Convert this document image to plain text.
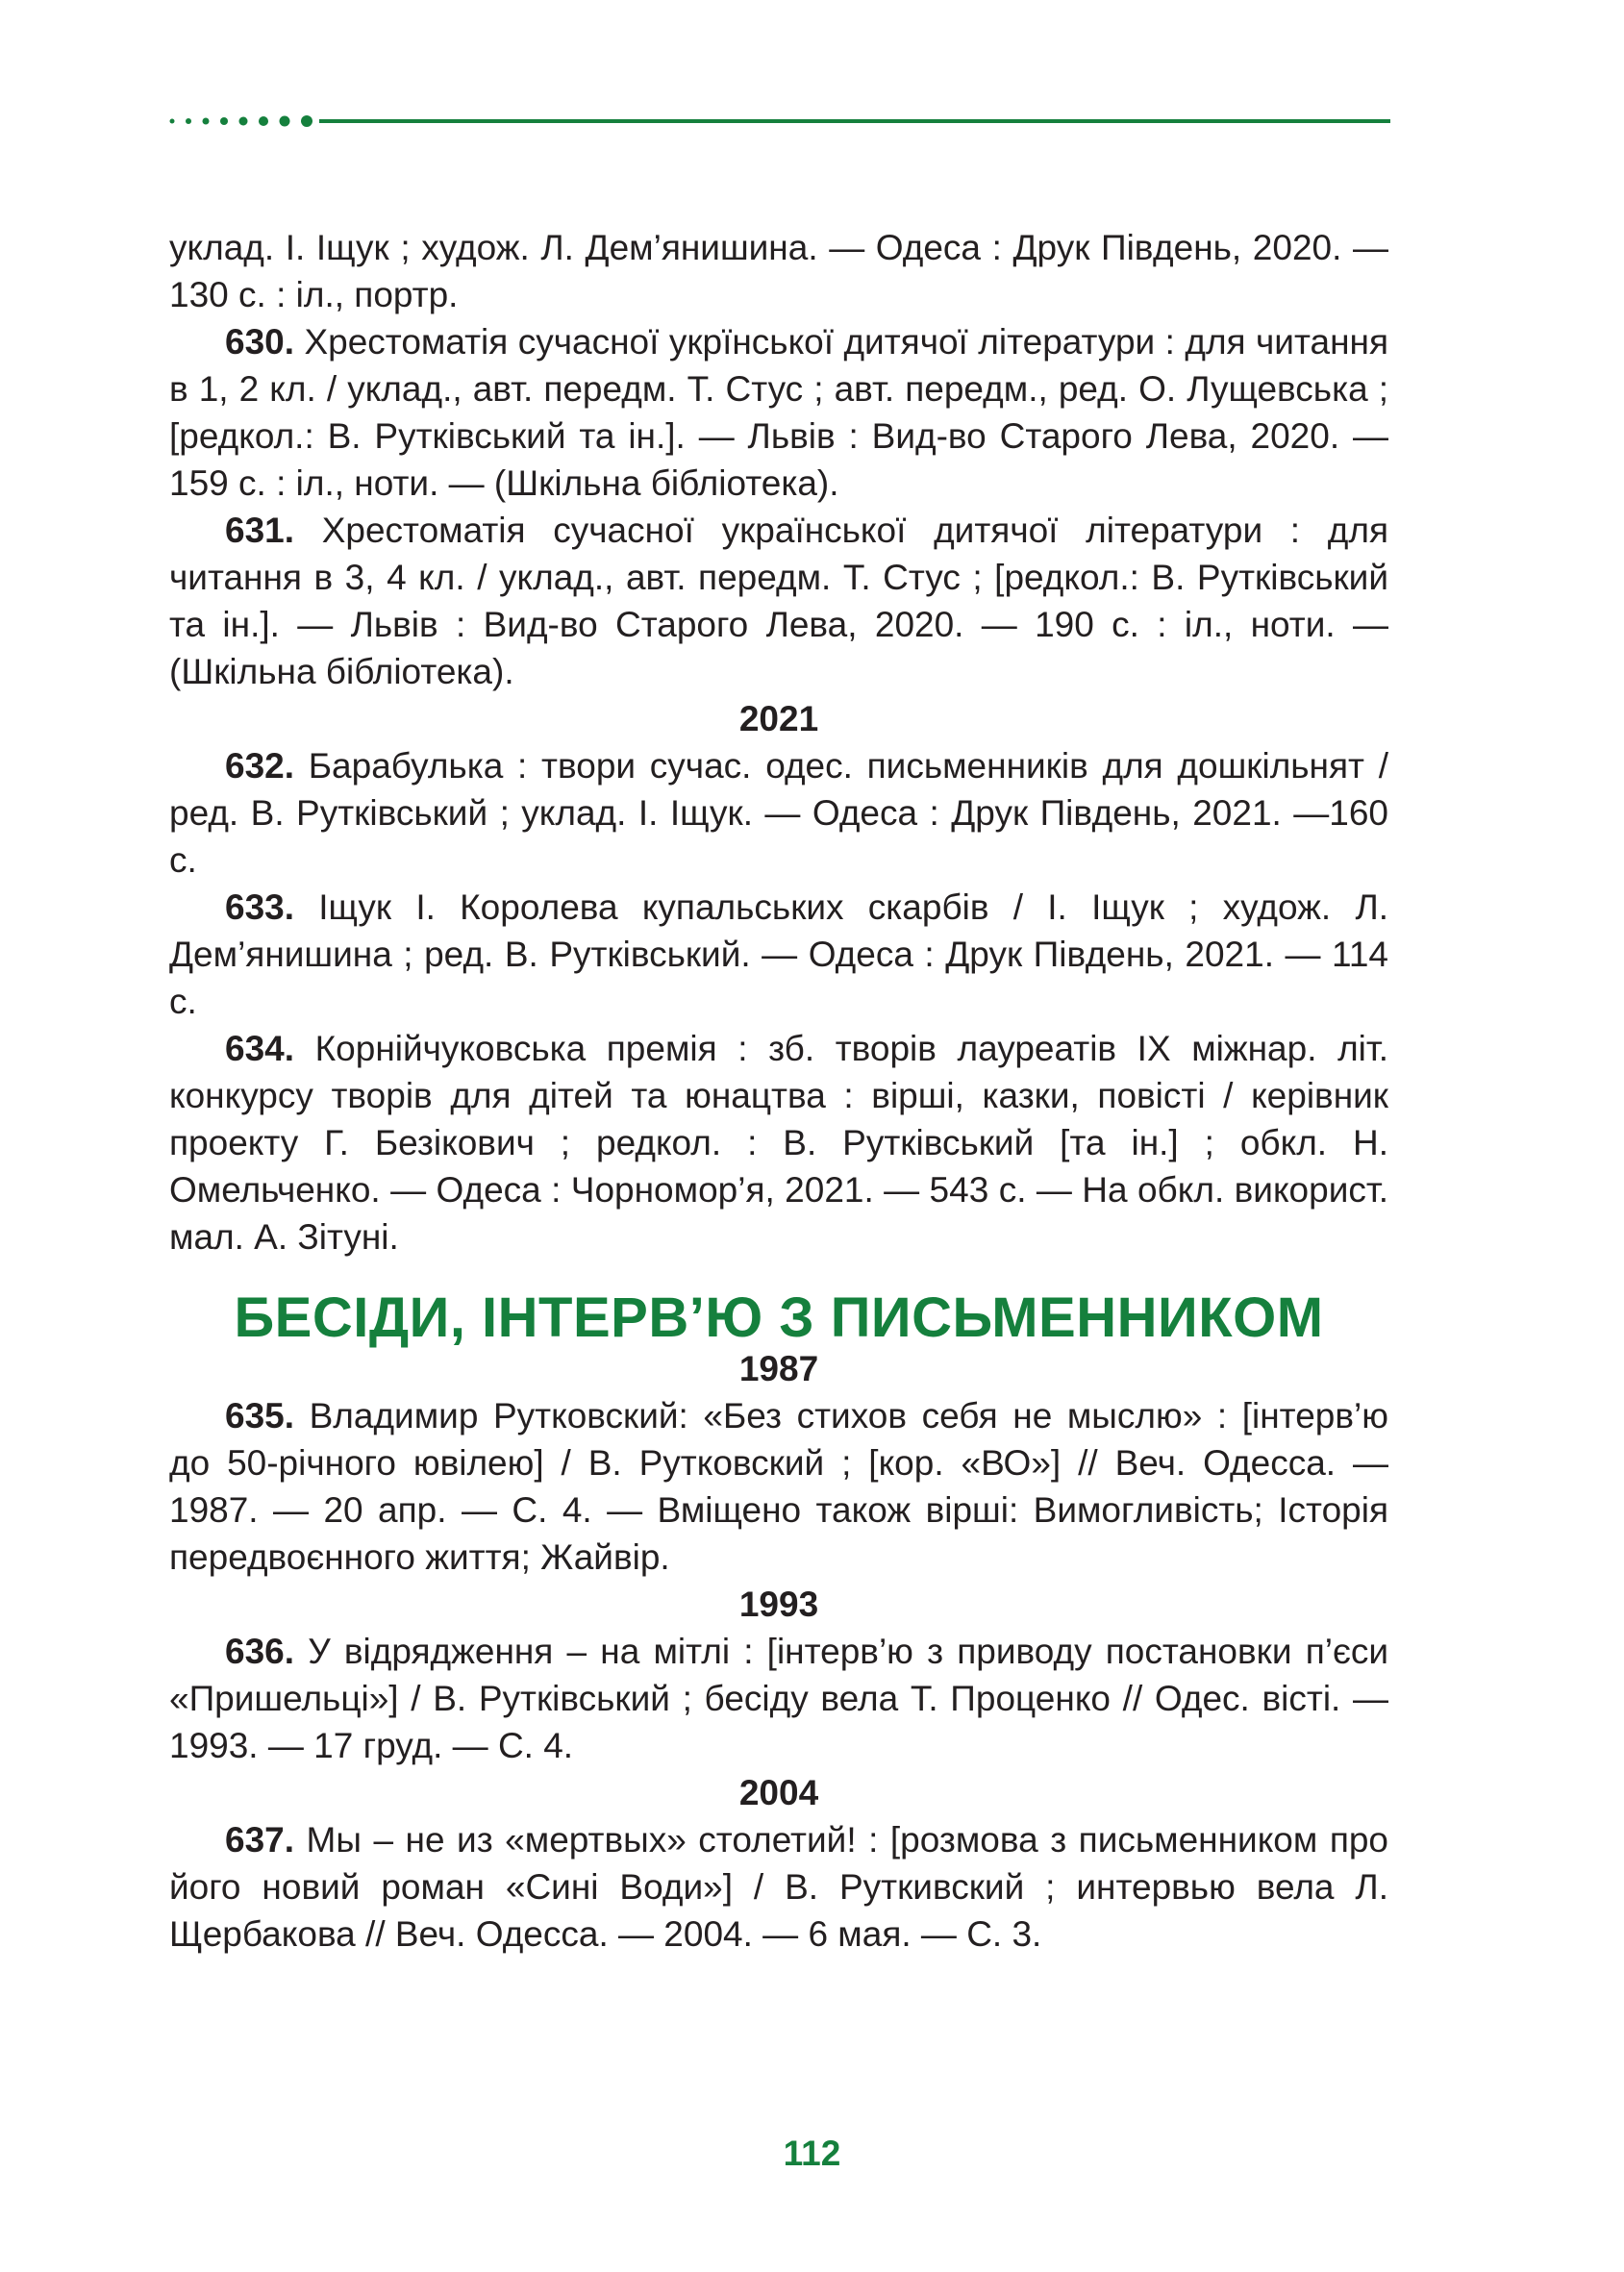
уклад. І. Іщук ; худож. Л. Дем’янишина. — Одеса : Друк Південь, 2020. — 130 с. : іл., портр.

630. Хрестоматія сучасної укрїнської дитячої літератури : для читання в 1, 2 кл. / уклад., авт. передм. Т. Стус ; авт. передм., ред. О. Лущевська ; [редкол.: В. Рутківський та ін.]. — Львів : Вид-во Старого Лева, 2020. — 159 с. : іл., ноти. — (Шкільна бібліотека).

631. Хрестоматія сучасної української дитячої літератури : для читання в 3, 4 кл. / уклад., авт. передм. Т. Стус ; [редкол.: В. Рутківський та ін.]. — Львів : Вид-во Старого Лева, 2020. — 190 с. : іл., ноти. — (Шкільна бібліотека).

2021

632. Барабулька : твори сучас. одес. письменників для дошкільнят / ред. В. Рутківський ; уклад. І. Іщук. — Одеса : Друк Південь, 2021. —160 с.

633. Іщук І. Королева купальських скарбів / І. Іщук ; худож. Л. Дем’янишина ; ред. В. Рутківський. — Одеса : Друк Південь, 2021. — 114 с.

634. Корнійчуковська премія : зб. творів лауреатів IX міжнар. літ. конкурсу творів для дітей та юнацтва : вірші, казки, повісті / керівник проекту Г. Безікович ; редкол. : В. Рутківський [та ін.] ; обкл. Н. Омельченко. — Одеса : Чорномор’я, 2021. — 543 с. — На обкл. використ. мал. А. Зітуні.

БЕСІДИ, ІНТЕРВ’Ю З ПИСЬМЕННИКОМ

1987

635. Владимир Рутковский: «Без стихов себя не мыслю» : [інтерв’ю до 50-річного ювілею] / В. Рутковский ; [кор. «ВО»] // Веч. Одесса. — 1987. — 20 апр. — С. 4. — Вміщено також вірші: Вимогливість; Історія передвоєнного життя; Жайвір.

1993

636. У відрядження – на мітлі : [інтерв’ю з приводу постановки п’єси «Пришельці»] / В. Рутківський ; бесіду вела Т. Проценко // Одес. вісті. — 1993. — 17 груд. — С. 4.

2004

637. Мы – не из «мертвых» столетий! : [розмова з письменником про його новий роман «Сині Води»] / В. Руткивский ; интервью вела Л. Щербакова // Веч. Одесса. — 2004. — 6 мая. — С. 3.

112
